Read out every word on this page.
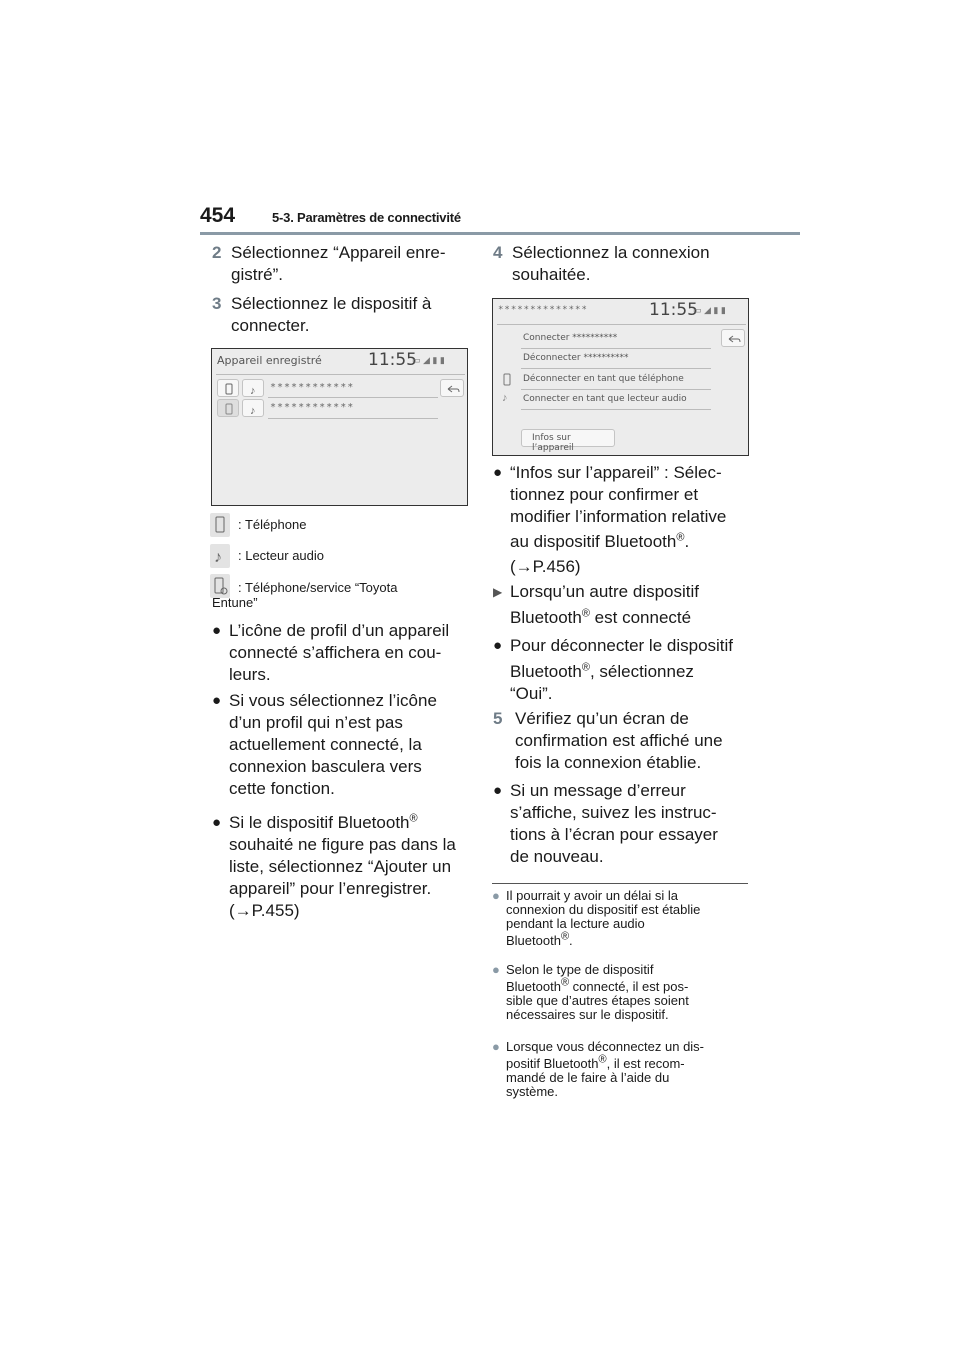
454	5-3. Paramètres de connectivité
2 Sélectionnez “Appareil enre-
gistré”.
3 Sélectionnez le dispositif à
connecter.
Appareil enregistré	11:55
▭ ◢ ▮ ▮
♪ ************
♪ ************
: Téléphone
♪ : Lecteur audio
: Téléphone/service “Toyota
Entune”
● L’icône de profil d’un appareil
connecté s’affichera en cou-
leurs.
● Si vous sélectionnez l’icône
d’un profil qui n’est pas
actuellement connecté, la
connexion basculera vers
cette fonction.
● Si le dispositif Bluetooth®
souhaité ne figure pas dans la
liste, sélectionnez “Ajouter un
appareil” pour l’enregistrer.
(→P.455)
4 Sélectionnez la connexion
souhaitée.
**************	11:55
▭ ◢ ▮ ▮
Connecter **********
Déconnecter **********
Déconnecter en tant que téléphone
Connecter en tant que lecteur audio
♪
Infos sur l’appareil
● “Infos sur l’appareil” : Sélec-
tionnez pour confirmer et
modifier l’information relative
au dispositif Bluetooth®.
(→P.456)
▶ Lorsqu’un autre dispositif
Bluetooth® est connecté
● Pour déconnecter le dispositif
Bluetooth®, sélectionnez
“Oui”.
5 Vérifiez qu’un écran de
confirmation est affiché une
fois la connexion établie.
● Si un message d’erreur
s’affiche, suivez les instruc-
tions à l’écran pour essayer
de nouveau.
● Il pourrait y avoir un délai si la
connexion du dispositif est établie
pendant la lecture audio
Bluetooth®.
● Selon le type de dispositif
Bluetooth® connecté, il est pos-
sible que d’autres étapes soient
nécessaires sur le dispositif.
● Lorsque vous déconnectez un dis-
positif Bluetooth®, il est recom-
mandé de le faire à l’aide du
système.
